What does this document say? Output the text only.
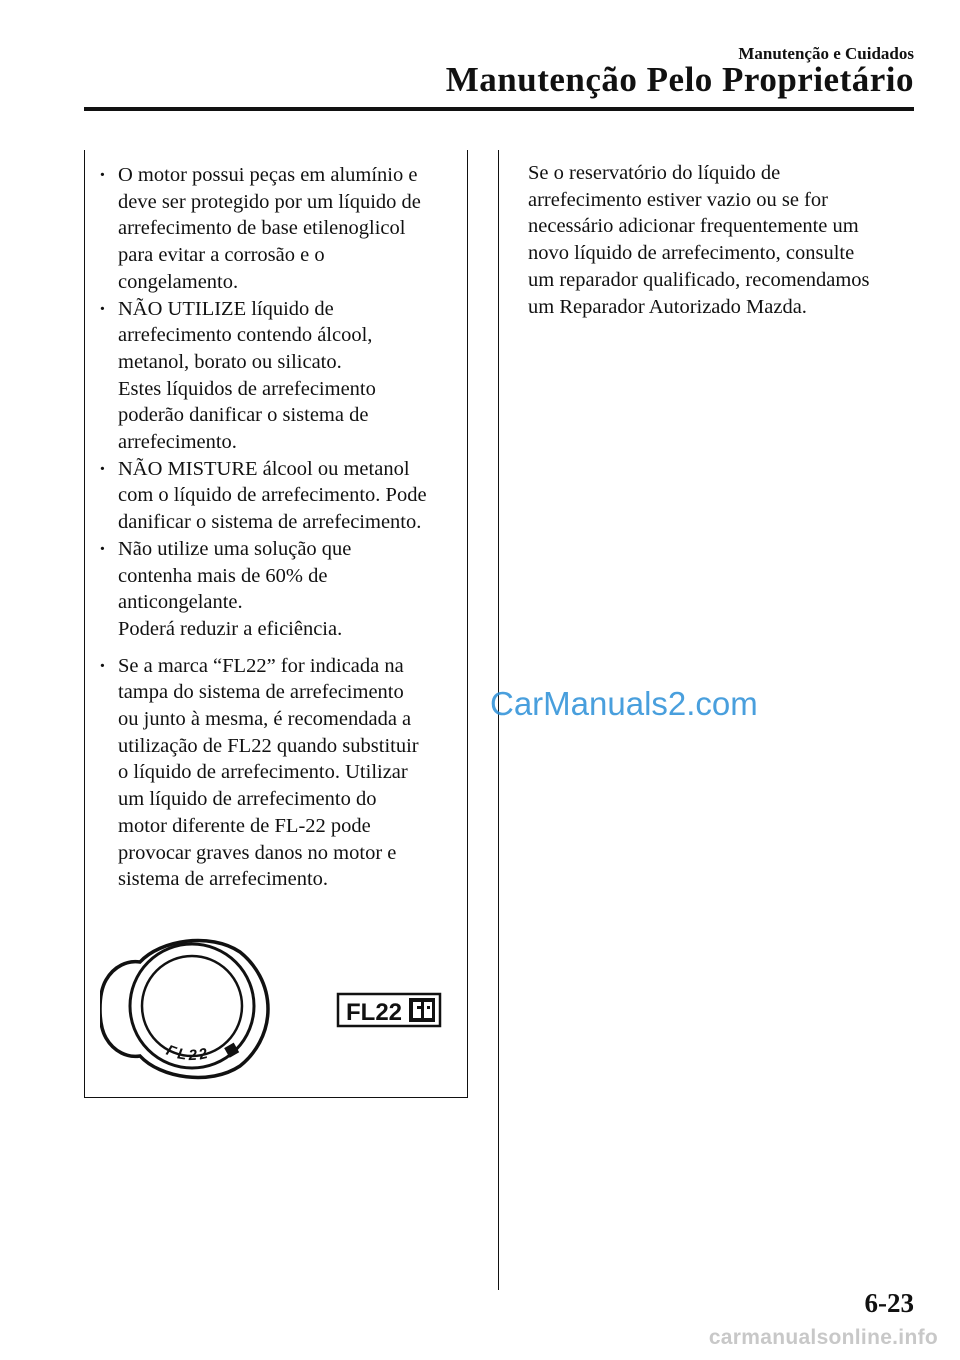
Manutenção e Cuidados

Manutenção Pelo Proprietário
· O motor possui peças em alumínio e
deve ser protegido por um líquido de
arrefecimento de base etilenoglicol
para evitar a corrosão e o
congelamento.
· NÃO UTILIZE líquido de
arrefecimento contendo álcool,
metanol, borato ou silicato.
Estes líquidos de arrefecimento
poderão danificar o sistema de
arrefecimento.
· NÃO MISTURE álcool ou metanol
com o líquido de arrefecimento. Pode
danificar o sistema de arrefecimento.
· Não utilize uma solução que
contenha mais de 60% de
anticongelante.
Poderá reduzir a eficiência.
· Se a marca “FL22” for indicada na
tampa do sistema de arrefecimento
ou junto à mesma, é recomendada a
utilização de FL22 quando substituir
o líquido de arrefecimento. Utilizar
um líquido de arrefecimento do
motor diferente de FL-22 pode
provocar graves danos no motor e
sistema de arrefecimento.
FL22
FL22

Se o reservatório do líquido de
arrefecimento estiver vazio ou se for
necessário adicionar frequentemente um
novo líquido de arrefecimento, consulte
um reparador qualificado, recomendamos
um Reparador Autorizado Mazda.

CarManuals2.com

6-23

carmanualsonline.info
